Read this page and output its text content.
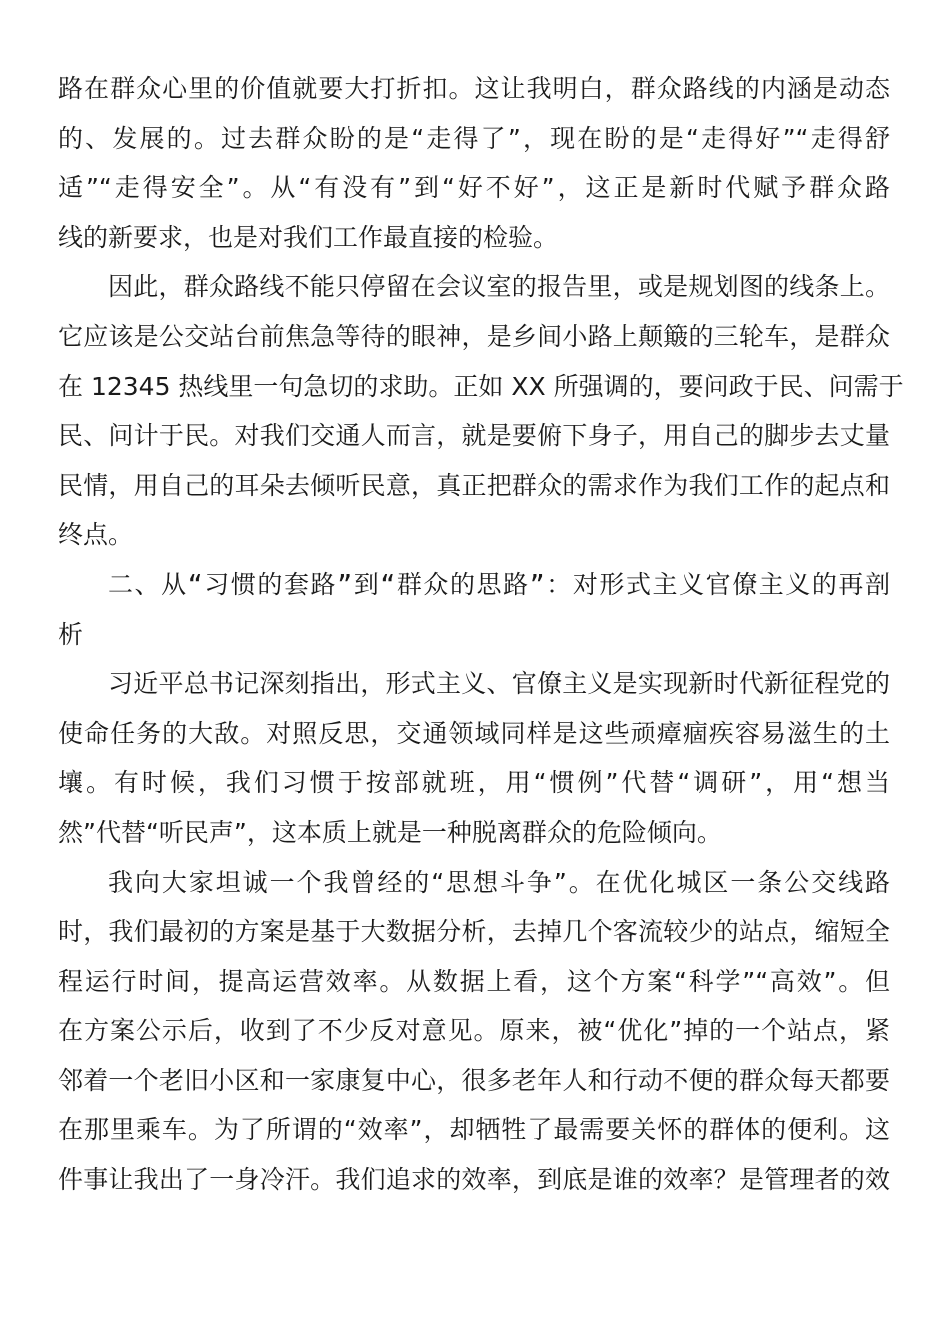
路在群众心里的价值就要大打折扣。这让我明白，群众路线的内涵是动态
的、发展的。过去群众盼的是“走得了”，现在盼的是“走得好”“走得舒
适”“走得安全”。从“有没有”到“好不好”，这正是新时代赋予群众路
线的新要求，也是对我们工作最直接的检验。
因此，群众路线不能只停留在会议室的报告里，或是规划图的线条上。
它应该是公交站台前焦急等待的眼神，是乡间小路上颠簸的三轮车，是群众
在 12345 热线里一句急切的求助。正如 XX 所强调的，要问政于民、问需于
民、问计于民。对我们交通人而言，就是要俯下身子，用自己的脚步去丈量
民情，用自己的耳朵去倾听民意，真正把群众的需求作为我们工作的起点和
终点。
二、从“习惯的套路”到“群众的思路”：对形式主义官僚主义的再剖
析
习近平总书记深刻指出，形式主义、官僚主义是实现新时代新征程党的
使命任务的大敌。对照反思，交通领域同样是这些顽瘴痼疾容易滋生的土
壤。有时候，我们习惯于按部就班，用“惯例”代替“调研”，用“想当
然”代替“听民声”，这本质上就是一种脱离群众的危险倾向。
我向大家坦诚一个我曾经的“思想斗争”。在优化城区一条公交线路
时，我们最初的方案是基于大数据分析，去掉几个客流较少的站点，缩短全
程运行时间，提高运营效率。从数据上看，这个方案“科学”“高效”。但
在方案公示后，收到了不少反对意见。原来，被“优化”掉的一个站点，紧
邻着一个老旧小区和一家康复中心，很多老年人和行动不便的群众每天都要
在那里乘车。为了所谓的“效率”，却牺牲了最需要关怀的群体的便利。这
件事让我出了一身冷汗。我们追求的效率，到底是谁的效率？是管理者的效
